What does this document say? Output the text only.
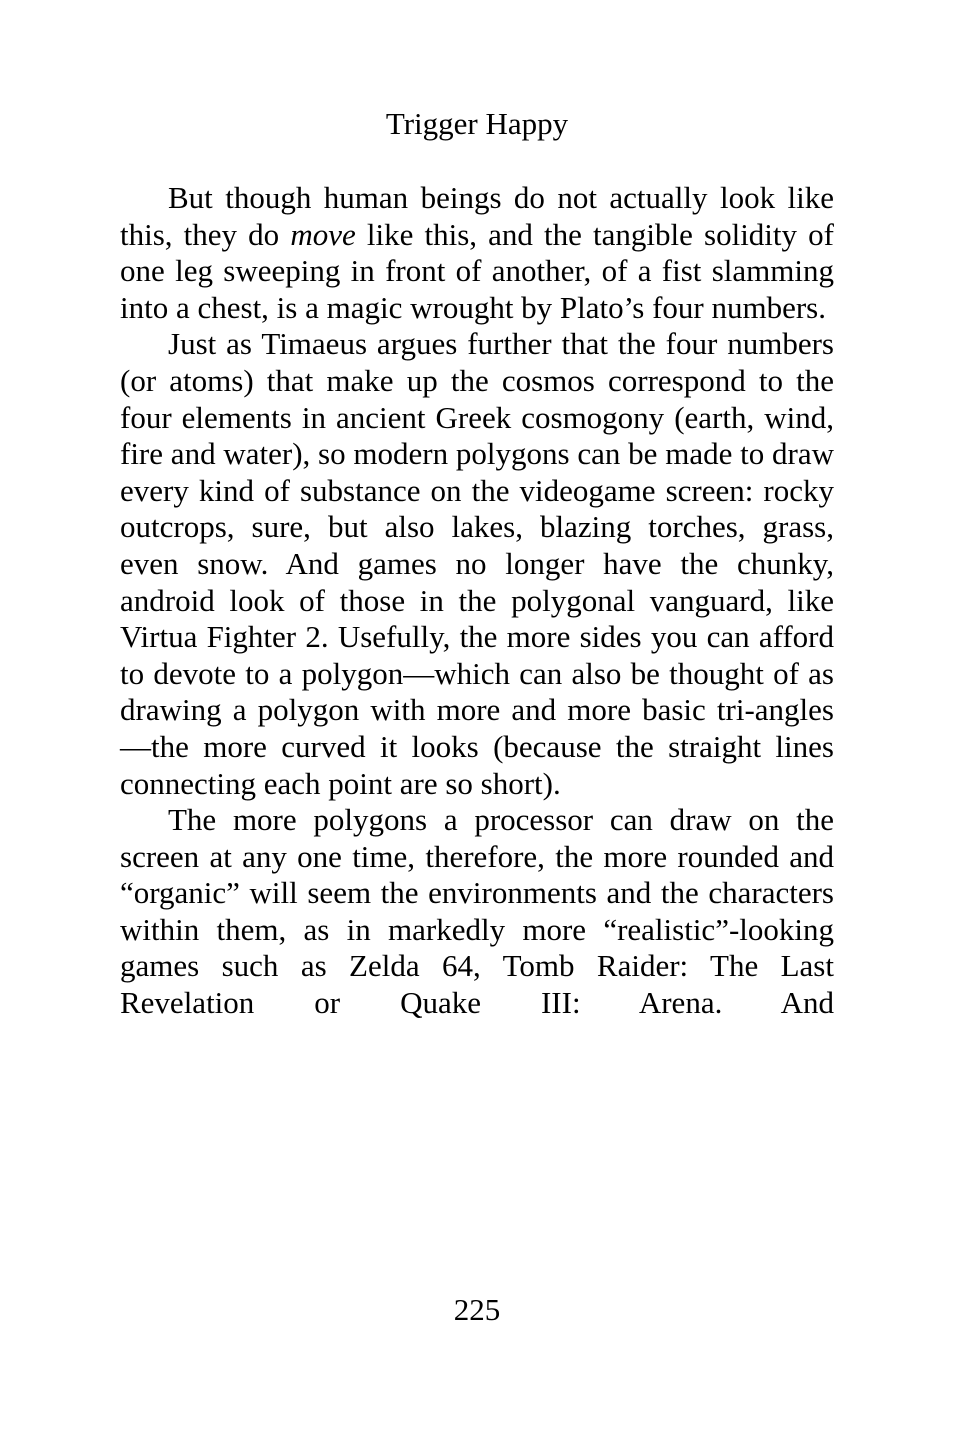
Trigger Happy

But though human beings do not actually look like this, they do move like this, and the tangible solidity of one leg sweeping in front of another, of a fist slamming into a chest, is a magic wrought by Plato’s four numbers.

Just as Timaeus argues further that the four numbers (or atoms) that make up the cosmos correspond to the four elements in ancient Greek cosmogony (earth, wind, fire and water), so modern polygons can be made to draw every kind of substance on the videogame screen: rocky outcrops, sure, but also lakes, blazing torches, grass, even snow. And games no longer have the chunky, android look of those in the polygonal vanguard, like Virtua Fighter 2. Usefully, the more sides you can afford to devote to a polygon—which can also be thought of as drawing a polygon with more and more basic tri-angles—the more curved it looks (because the straight lines connecting each point are so short).

The more polygons a processor can draw on the screen at any one time, therefore, the more rounded and “organic” will seem the environments and the characters within them, as in markedly more “realistic”-looking games such as Zelda 64, Tomb Raider: The Last Revelation or Quake III: Arena. And

225
